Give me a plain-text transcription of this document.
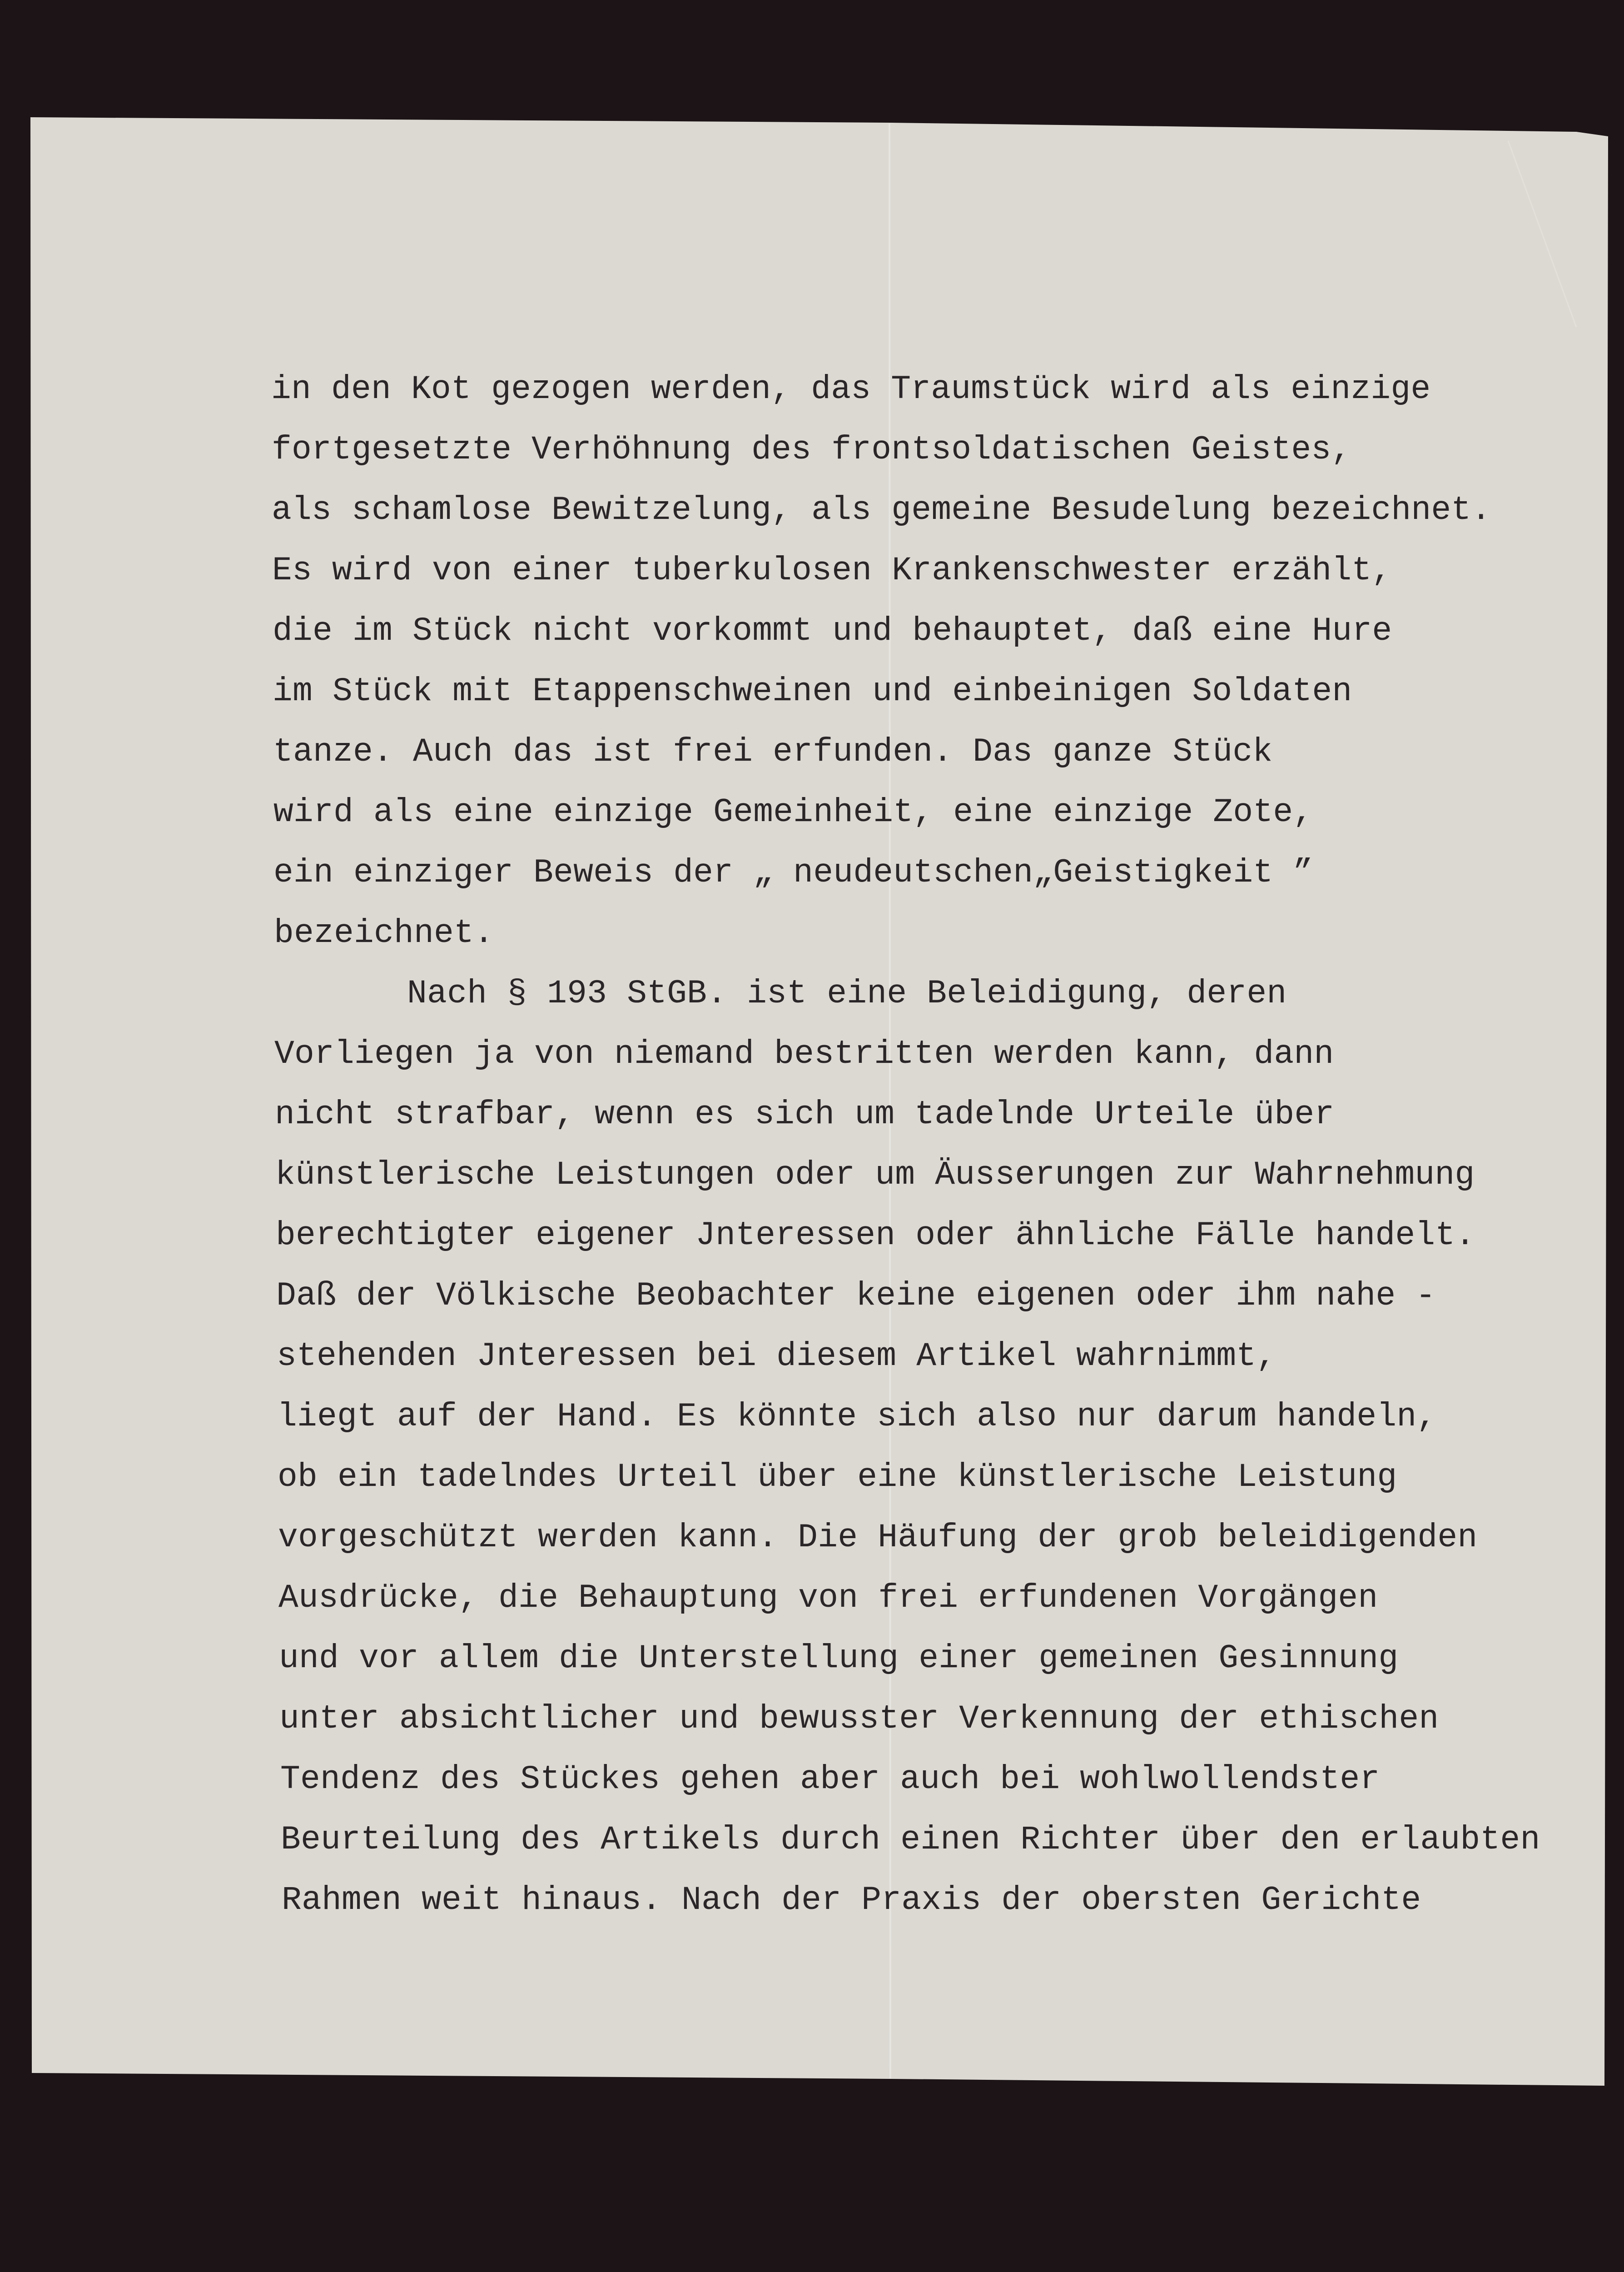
in den Kot gezogen werden, das Traumstück wird als einzige
fortgesetzte Verhöhnung des frontsoldatischen Geistes,
als schamlose Bewitzelung, als gemeine Besudelung bezeichnet.
Es wird von einer tuberkulosen Krankenschwester erzählt,
die im Stück nicht vorkommt und behauptet, daß eine Hure
im Stück mit Etappenschweinen und einbeinigen Soldaten
tanze. Auch das ist frei erfunden. Das ganze Stück
wird als eine einzige Gemeinheit, eine einzige Zote,
ein einziger Beweis der „ neudeutschen„Geistigkeit ”
bezeichnet.
Nach § 193 StGB. ist eine Beleidigung, deren
Vorliegen ja von niemand bestritten werden kann, dann
nicht strafbar, wenn es sich um tadelnde Urteile über
künstlerische Leistungen oder um Äusserungen zur Wahrnehmung
berechtigter eigener Jnteressen oder ähnliche Fälle handelt.
Daß der Völkische Beobachter keine eigenen oder ihm nahe -
stehenden Jnteressen bei diesem Artikel wahrnimmt,
liegt auf der Hand. Es könnte sich also nur darum handeln,
ob ein tadelndes Urteil über eine künstlerische Leistung
vorgeschützt werden kann. Die Häufung der grob beleidigenden
Ausdrücke, die Behauptung von frei erfundenen Vorgängen
und vor allem die Unterstellung einer gemeinen Gesinnung
unter absichtlicher und bewusster Verkennung der ethischen
Tendenz des Stückes gehen aber auch bei wohlwollendster
Beurteilung des Artikels durch einen Richter über den erlaubten
Rahmen weit hinaus. Nach der Praxis der obersten Gerichte
